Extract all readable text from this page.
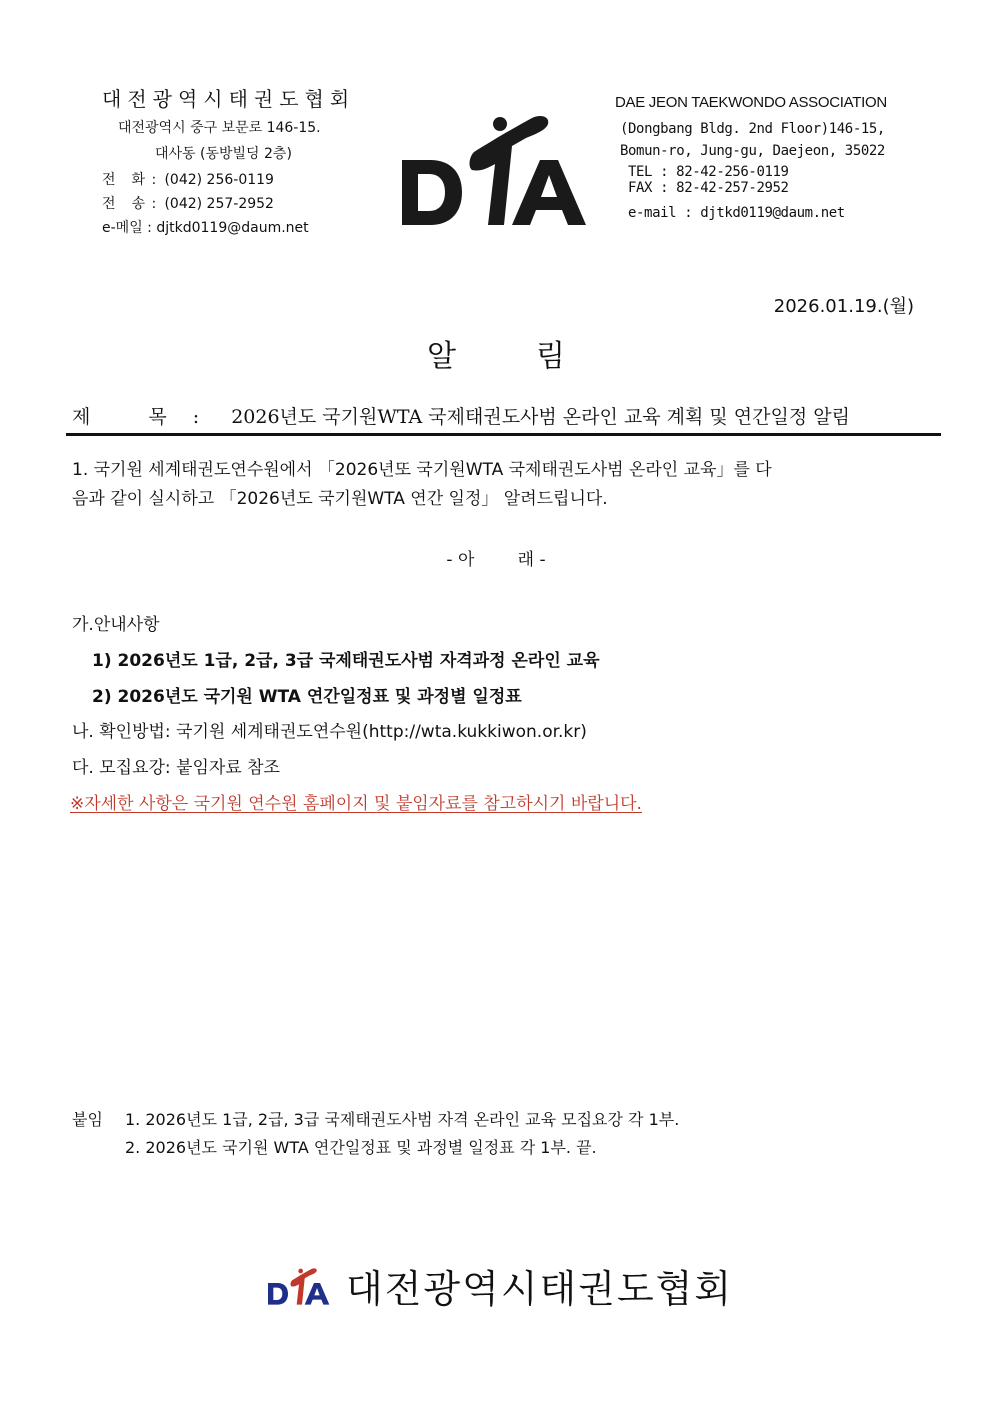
대전광역시태권도협회
대전광역시 중구 보문로 146-15.
대사동 (동방빌딩 2층)
전　화 : (042) 256-0119
전　송 : (042) 257-2952
e-메일 : djtkd0119@daum.net
DAE JEON TAEKWONDO ASSOCIATION
(Dongbang Bldg. 2nd Floor)146-15,
Bomun-ro, Jung-gu, Daejeon, 35022
TEL : 82-42-256-0119
FAX : 82-42-257-2952
e-mail : djtkd0119@daum.net
2026.01.19.(월)
알림
제 목: 2026년도 국기원WTA 국제태권도사범 온라인 교육 계획 및 연간일정 알림
1. 국기원 세계태권도연수원에서 「2026년또 국기원WTA 국제태권도사범 온라인 교육」를 다
음과 같이 실시하고 「2026년도 국기원WTA 연간 일정」 알려드립니다.
- 아        래 -
가.안내사항
1) 2026년도 1급, 2급, 3급 국제태권도사범 자격과정 온라인 교육
2) 2026년도 국기원 WTA 연간일정표 및 과정별 일정표
나. 확인방법: 국기원 세계태권도연수원(http://wta.kukkiwon.or.kr)
다. 모집요강: 붙임자료 참조
※자세한 사항은 국기원 연수원 홈페이지 및 붙임자료를 참고하시기 바랍니다.
붙임 1. 2026년도 1급, 2급, 3급 국제태권도사범 자격 온라인 교육 모집요강 각 1부.
2. 2026년도 국기원 WTA 연간일정표 및 과정별 일정표 각 1부. 끝.
대전광역시태권도협회
